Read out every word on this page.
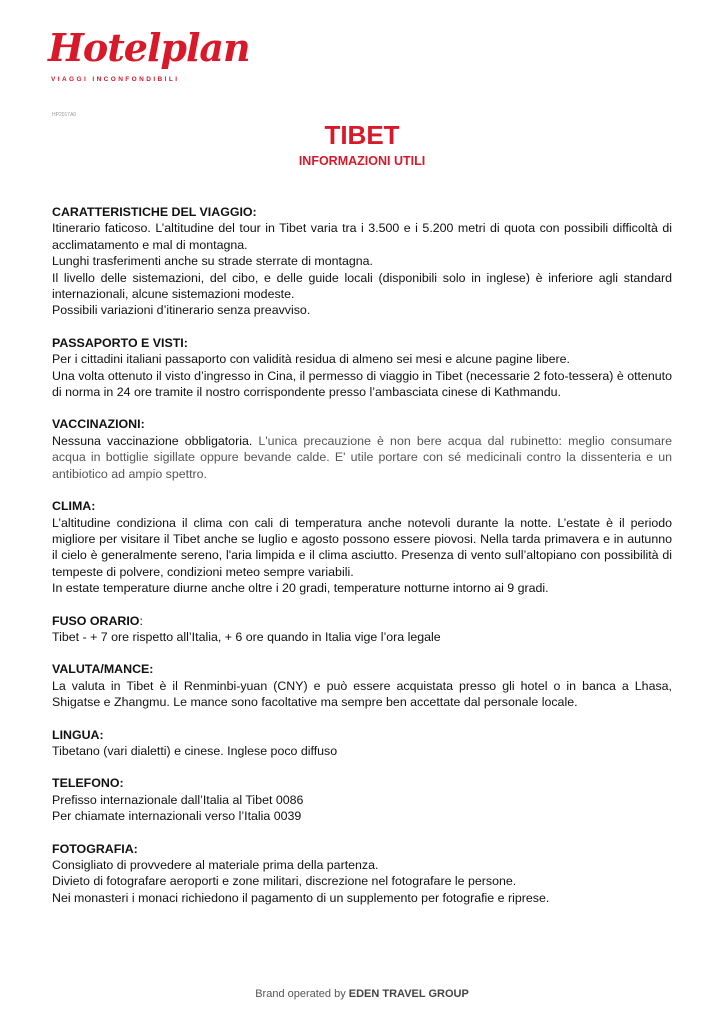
Hotelplan
VIAGGI INCONFONDIBILI
HP2017A0
TIBET
INFORMAZIONI UTILI
CARATTERISTICHE DEL VIAGGIO:
Itinerario faticoso. L’altitudine del tour in Tibet varia tra i 3.500 e i 5.200 metri di quota con possibili difficoltà di acclimatamento e mal di montagna.
Lunghi trasferimenti anche su strade sterrate di montagna.
Il livello delle sistemazioni, del cibo, e delle guide locali (disponibili solo in inglese) è inferiore agli standard internazionali, alcune sistemazioni modeste.
Possibili variazioni d’itinerario senza preavviso.
PASSAPORTO E VISTI:
Per i cittadini italiani passaporto con validità residua di almeno sei mesi e alcune pagine libere.
Una volta ottenuto il visto d’ingresso in Cina, il permesso di viaggio in Tibet (necessarie 2 foto-tessera) è ottenuto di norma in 24 ore tramite il nostro corrispondente presso l’ambasciata cinese di Kathmandu.
VACCINAZIONI:
Nessuna vaccinazione obbligatoria. L'unica precauzione è non bere acqua dal rubinetto: meglio consumare acqua in bottiglie sigillate oppure bevande calde. E' utile portare con sé medicinali contro la dissenteria e un antibiotico ad ampio spettro.
CLIMA:
L’altitudine condiziona il clima con cali di temperatura anche notevoli durante la notte. L’estate è il periodo migliore per visitare il Tibet anche se luglio e agosto possono essere piovosi. Nella tarda primavera e in autunno il cielo è generalmente sereno, l'aria limpida e il clima asciutto. Presenza di vento sull’altopiano con possibilità di tempeste di polvere, condizioni meteo sempre variabili.
In estate temperature diurne anche oltre i 20 gradi, temperature notturne intorno ai 9 gradi.
FUSO ORARIO:
Tibet - + 7 ore rispetto all’Italia, + 6 ore quando in Italia vige l’ora legale
VALUTA/MANCE:
La valuta in Tibet è il Renminbi-yuan (CNY) e può essere acquistata presso gli hotel o in banca a Lhasa, Shigatse e Zhangmu. Le mance sono facoltative ma sempre ben accettate dal personale locale.
LINGUA:
Tibetano (vari dialetti) e cinese. Inglese poco diffuso
TELEFONO:
Prefisso internazionale dall’Italia al Tibet 0086
Per chiamate internazionali verso l’Italia 0039
FOTOGRAFIA:
Consigliato di provvedere al materiale prima della partenza.
Divieto di fotografare aeroporti e zone militari, discrezione nel fotografare le persone.
Nei monasteri i monaci richiedono il pagamento di un supplemento per fotografie e riprese.
Brand operated by EDEN TRAVEL GROUP
